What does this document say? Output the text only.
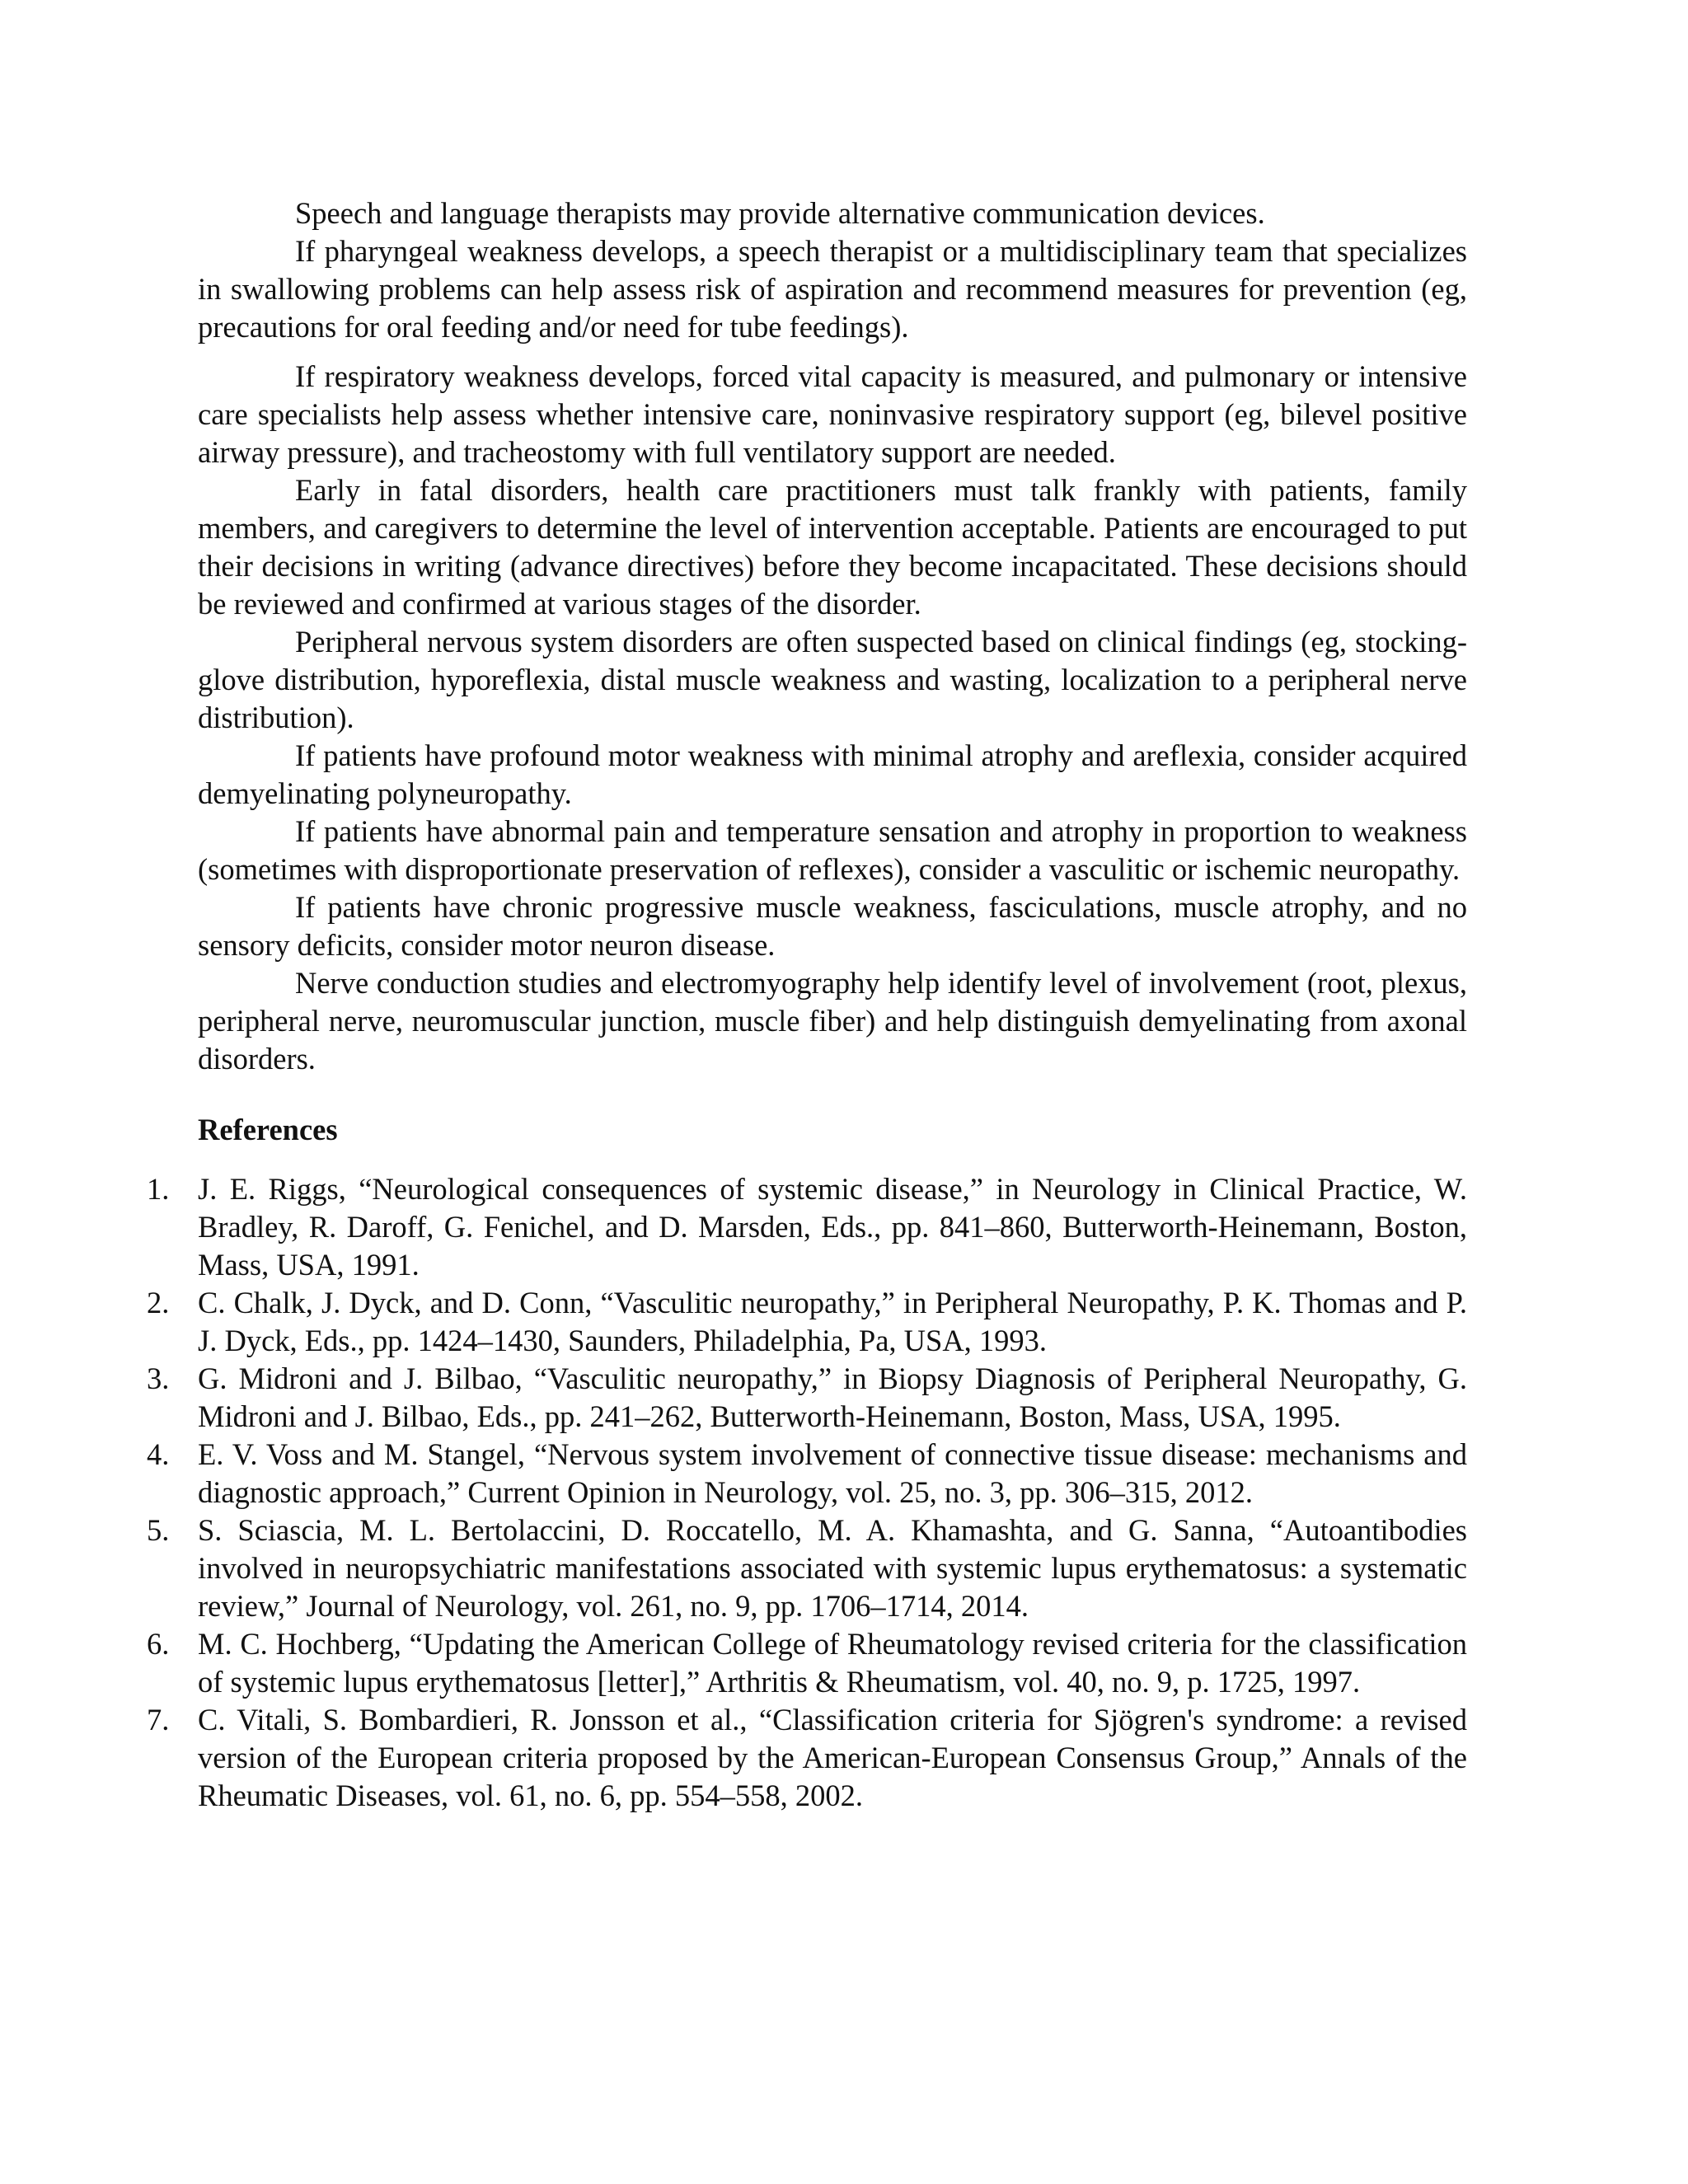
Speech and language therapists may provide alternative communication devices.

If pharyngeal weakness develops, a speech therapist or a multidisciplinary team that specializes in swallowing problems can help assess risk of aspiration and recommend measures for prevention (eg, precautions for oral feeding and/or need for tube feedings).

If respiratory weakness develops, forced vital capacity is measured, and pulmonary or intensive care specialists help assess whether intensive care, noninvasive respiratory support (eg, bilevel positive airway pressure), and tracheostomy with full ventilatory support are needed.

Early in fatal disorders, health care practitioners must talk frankly with patients, family members, and caregivers to determine the level of intervention acceptable. Patients are encouraged to put their decisions in writing (advance directives) before they become incapacitated. These decisions should be reviewed and confirmed at various stages of the disorder.

Peripheral nervous system disorders are often suspected based on clinical findings (eg, stocking-glove distribution, hyporeflexia, distal muscle weakness and wasting, localization to a peripheral nerve distribution).

If patients have profound motor weakness with minimal atrophy and areflexia, consider acquired demyelinating polyneuropathy.

If patients have abnormal pain and temperature sensation and atrophy in proportion to weakness (sometimes with disproportionate preservation of reflexes), consider a vasculitic or ischemic neuropathy.

If patients have chronic progressive muscle weakness, fasciculations, muscle atrophy, and no sensory deficits, consider motor neuron disease.

Nerve conduction studies and electromyography help identify level of involvement (root, plexus, peripheral nerve, neuromuscular junction, muscle fiber) and help distinguish demyelinating from axonal disorders.

References
1. J. E. Riggs, “Neurological consequences of systemic disease,” in Neurology in Clinical Practice, W. Bradley, R. Daroff, G. Fenichel, and D. Marsden, Eds., pp. 841–860, Butterworth-Heinemann, Boston, Mass, USA, 1991.
2. C. Chalk, J. Dyck, and D. Conn, “Vasculitic neuropathy,” in Peripheral Neuropathy, P. K. Thomas and P. J. Dyck, Eds., pp. 1424–1430, Saunders, Philadelphia, Pa, USA, 1993.
3. G. Midroni and J. Bilbao, “Vasculitic neuropathy,” in Biopsy Diagnosis of Peripheral Neuropathy, G. Midroni and J. Bilbao, Eds., pp. 241–262, Butterworth-Heinemann, Boston, Mass, USA, 1995.
4. E. V. Voss and M. Stangel, “Nervous system involvement of connective tissue disease: mechanisms and diagnostic approach,” Current Opinion in Neurology, vol. 25, no. 3, pp. 306–315, 2012.
5. S. Sciascia, M. L. Bertolaccini, D. Roccatello, M. A. Khamashta, and G. Sanna, “Autoantibodies involved in neuropsychiatric manifestations associated with systemic lupus erythematosus: a systematic review,” Journal of Neurology, vol. 261, no. 9, pp. 1706–1714, 2014.
6. M. C. Hochberg, “Updating the American College of Rheumatology revised criteria for the classification of systemic lupus erythematosus [letter],” Arthritis & Rheumatism, vol. 40, no. 9, p. 1725, 1997.
7. C. Vitali, S. Bombardieri, R. Jonsson et al., “Classification criteria for Sjögren's syndrome: a revised version of the European criteria proposed by the American-European Consensus Group,” Annals of the Rheumatic Diseases, vol. 61, no. 6, pp. 554–558, 2002.
